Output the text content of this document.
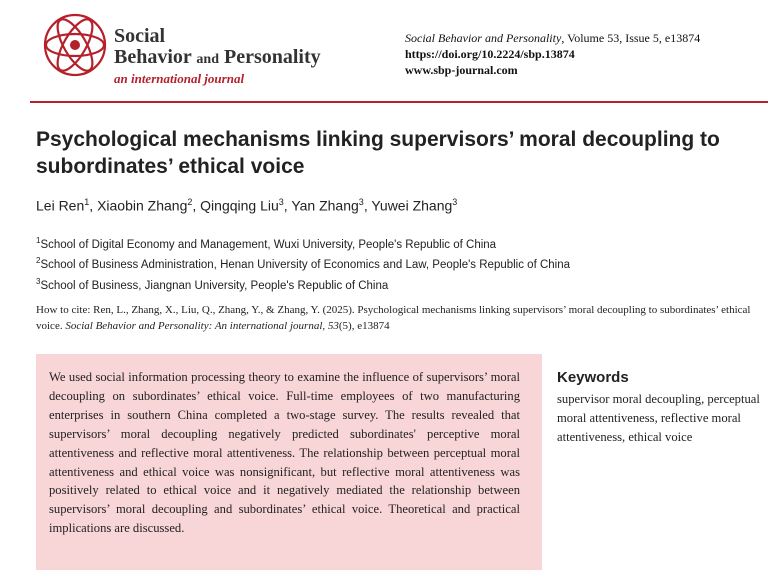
Social
Behavior and Personality
an international journal
Social Behavior and Personality, Volume 53, Issue 5, e13874
https://doi.org/10.2224/sbp.13874
www.sbp-journal.com
Psychological mechanisms linking supervisors’ moral decoupling to subordinates’ ethical voice
Lei Ren$^1$, Xiaobin Zhang$^2$, Qingqing Liu$^3$, Yan Zhang$^3$, Yuwei Zhang$^3$
$^1$School of Digital Economy and Management, Wuxi University, People's Republic of China
$^2$School of Business Administration, Henan University of Economics and Law, People's Republic of China
$^3$School of Business, Jiangnan University, People's Republic of China
How to cite: Ren, L., Zhang, X., Liu, Q., Zhang, Y., & Zhang, Y. (2025). Psychological mechanisms linking supervisors’ moral decoupling to subordinates’ ethical voice. Social Behavior and Personality: An international journal, 53(5), e13874

We used social information processing theory to examine the influence of supervisors’ moral decoupling on subordinates’ ethical voice. Full-time employees of two manufacturing enterprises in southern China completed a two-stage survey. The results revealed that supervisors’ moral decoupling negatively predicted subordinates' perceptive moral attentiveness and reflective moral attentiveness. The relationship between perceptual moral attentiveness and ethical voice was nonsignificant, but reflective moral attentiveness was positively related to ethical voice and it negatively mediated the relationship between supervisors’ moral decoupling and subordinates’ ethical voice. Theoretical and practical implications are discussed.

Keywords
supervisor moral decoupling, perceptual moral attentiveness, reflective moral attentiveness, ethical voice
